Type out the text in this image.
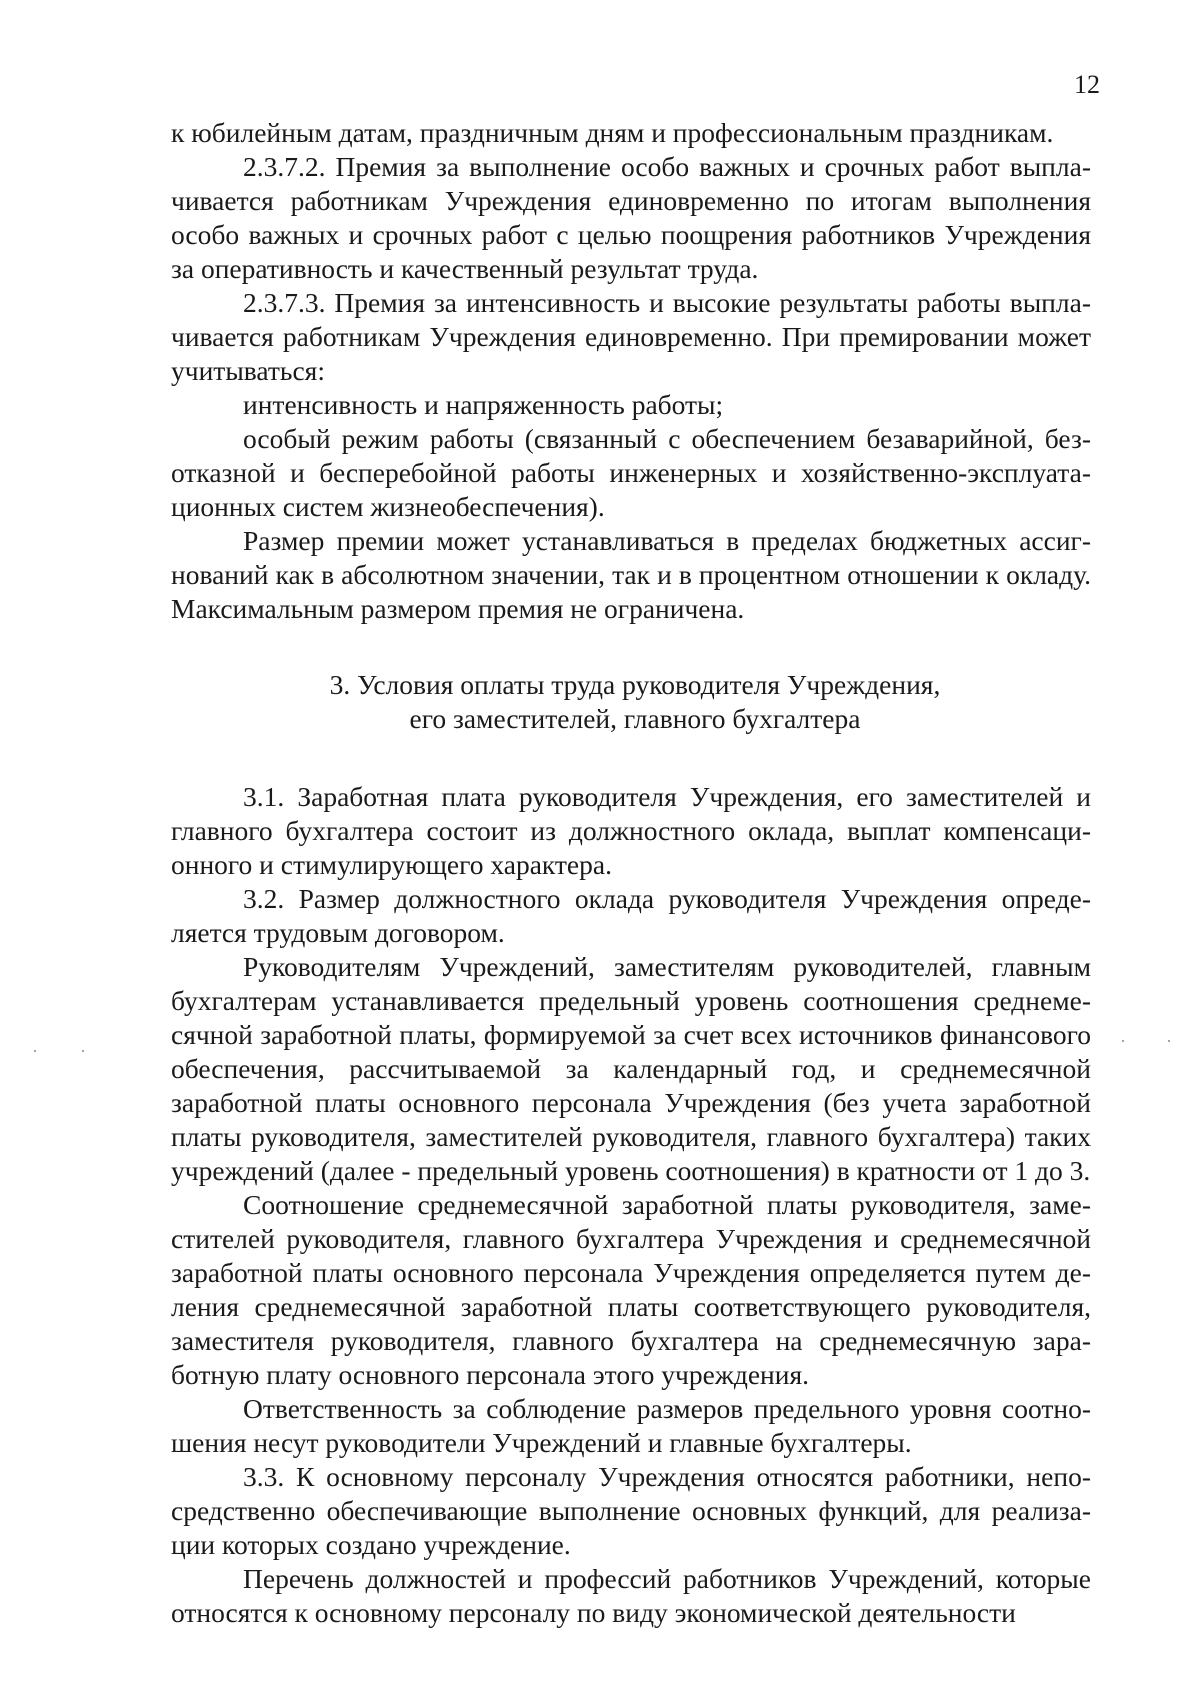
12

к юбилейным датам, праздничным дням и профессиональным праздникам.

2.3.7.2. Премия за выполнение особо важных и срочных работ выплачивается работникам Учреждения единовременно по итогам выполнения особо важных и срочных работ с целью поощрения работников Учреждения за оперативность и качественный результат труда.

2.3.7.3. Премия за интенсивность и высокие результаты работы выплачивается работникам Учреждения единовременно. При премировании может учитываться:

интенсивность и напряженность работы;

особый режим работы (связанный с обеспечением безаварийной, безотказной и бесперебойной работы инженерных и хозяйственно-эксплуатационных систем жизнеобеспечения).

Размер премии может устанавливаться в пределах бюджетных ассигнований как в абсолютном значении, так и в процентном отношении к окладу. Максимальным размером премия не ограничена.

3. Условия оплаты труда руководителя Учреждения,
его заместителей, главного бухгалтера

3.1. Заработная плата руководителя Учреждения, его заместителей и главного бухгалтера состоит из должностного оклада, выплат компенсационного и стимулирующего характера.

3.2. Размер должностного оклада руководителя Учреждения определяется трудовым договором.

Руководителям Учреждений, заместителям руководителей, главным бухгалтерам устанавливается предельный уровень соотношения среднемесячной заработной платы, формируемой за счет всех источников финансового обеспечения, рассчитываемой за календарный год, и среднемесячной заработной платы основного персонала Учреждения (без учета заработной платы руководителя, заместителей руководителя, главного бухгалтера) таких учреждений (далее - предельный уровень соотношения) в кратности от 1 до 3.

Соотношение среднемесячной заработной платы руководителя, заместителей руководителя, главного бухгалтера Учреждения и среднемесячной заработной платы основного персонала Учреждения определяется путем деления среднемесячной заработной платы соответствующего руководителя, заместителя руководителя, главного бухгалтера на среднемесячную заработную плату основного персонала этого учреждения.

Ответственность за соблюдение размеров предельного уровня соотношения несут руководители Учреждений и главные бухгалтеры.

3.3. К основному персоналу Учреждения относятся работники, непосредственно обеспечивающие выполнение основных функций, для реализации которых создано учреждение.

Перечень должностей и профессий работников Учреждений, которые относятся к основному персоналу по виду экономической деятельности
